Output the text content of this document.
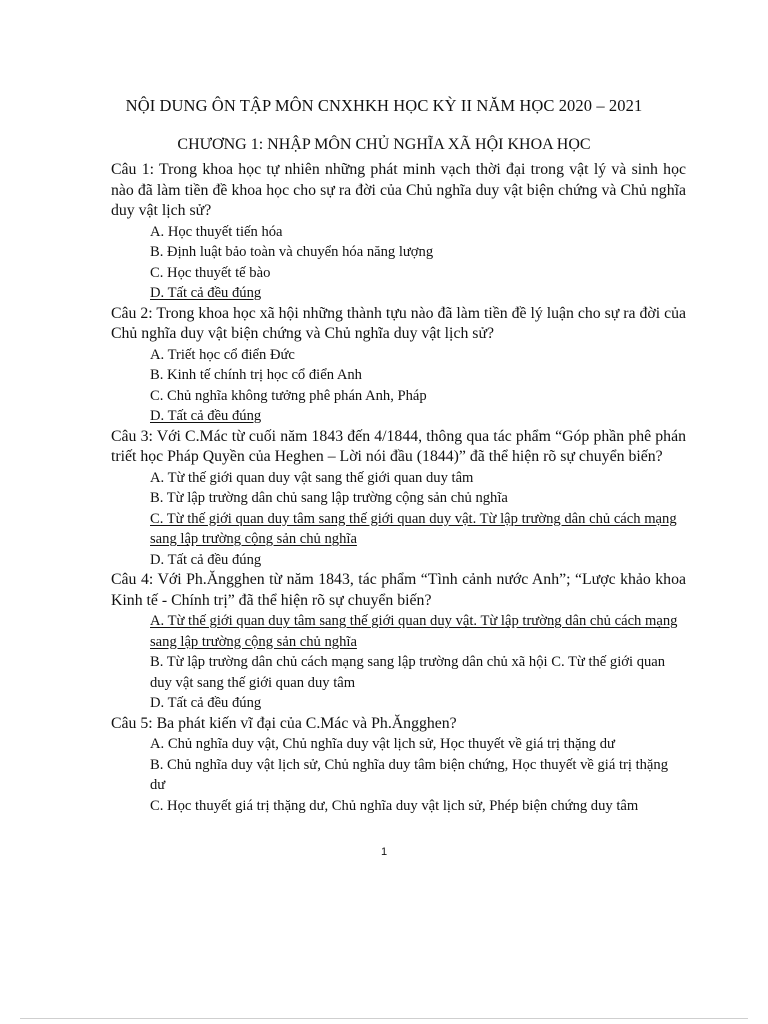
NỘI DUNG ÔN TẬP MÔN CNXHKH HỌC KỲ II NĂM HỌC 2020 – 2021
CHƯƠNG 1: NHẬP MÔN CHỦ NGHĨA XÃ HỘI KHOA HỌC

Câu 1: Trong khoa học tự nhiên những phát minh vạch thời đại trong vật lý và sinh học nào đã làm tiền đề khoa học cho sự ra đời của Chủ nghĩa duy vật biện chứng và Chủ nghĩa duy vật lịch sử?

A. Học thuyết tiến hóa

B. Định luật bảo toàn và chuyển hóa năng lượng

C. Học thuyết tế bào

D. Tất cả đều đúng

Câu 2: Trong khoa học xã hội những thành tựu nào đã làm tiền đề lý luận cho sự ra đời của Chủ nghĩa duy vật biện chứng và Chủ nghĩa duy vật lịch sử?

A. Triết học cổ điển Đức

B. Kinh tế chính trị học cổ điển Anh

C. Chủ nghĩa không tưởng phê phán Anh, Pháp

D. Tất cả đều đúng

Câu 3: Với C.Mác từ cuối năm 1843 đến 4/1844, thông qua tác phẩm “Góp phần phê phán triết học Pháp Quyền của Heghen – Lời nói đầu (1844)” đã thể hiện rõ sự chuyển biến?

A. Từ thế giới quan duy vật sang thế giới quan duy tâm

B. Từ lập trường dân chủ sang lập trường cộng sản chủ nghĩa

C. Từ thế giới quan duy tâm sang thế giới quan duy vật. Từ lập trường dân chủ cách mạng sang lập trường cộng sản chủ nghĩa

D. Tất cả đều đúng

Câu 4: Với Ph.Ăngghen từ năm 1843, tác phẩm “Tình cảnh nước Anh”; “Lược khảo khoa Kinh tế - Chính trị” đã thể hiện rõ sự chuyển biến?

A. Từ thế giới quan duy tâm sang thế giới quan duy vật. Từ lập trường dân chủ cách mạng sang lập trường cộng sản chủ nghĩa

B. Từ lập trường dân chủ cách mạng sang lập trường dân chủ xã hội C. Từ thế giới quan duy vật sang thế giới quan duy tâm

D. Tất cả đều đúng

Câu 5: Ba phát kiến vĩ đại của C.Mác và Ph.Ăngghen?

A. Chủ nghĩa duy vật, Chủ nghĩa duy vật lịch sử, Học thuyết về giá trị thặng dư

B. Chủ nghĩa duy vật lịch sử, Chủ nghĩa duy tâm biện chứng, Học thuyết về giá trị thặng dư

C. Học thuyết giá trị thặng dư, Chủ nghĩa duy vật lịch sử, Phép biện chứng duy tâm

1
